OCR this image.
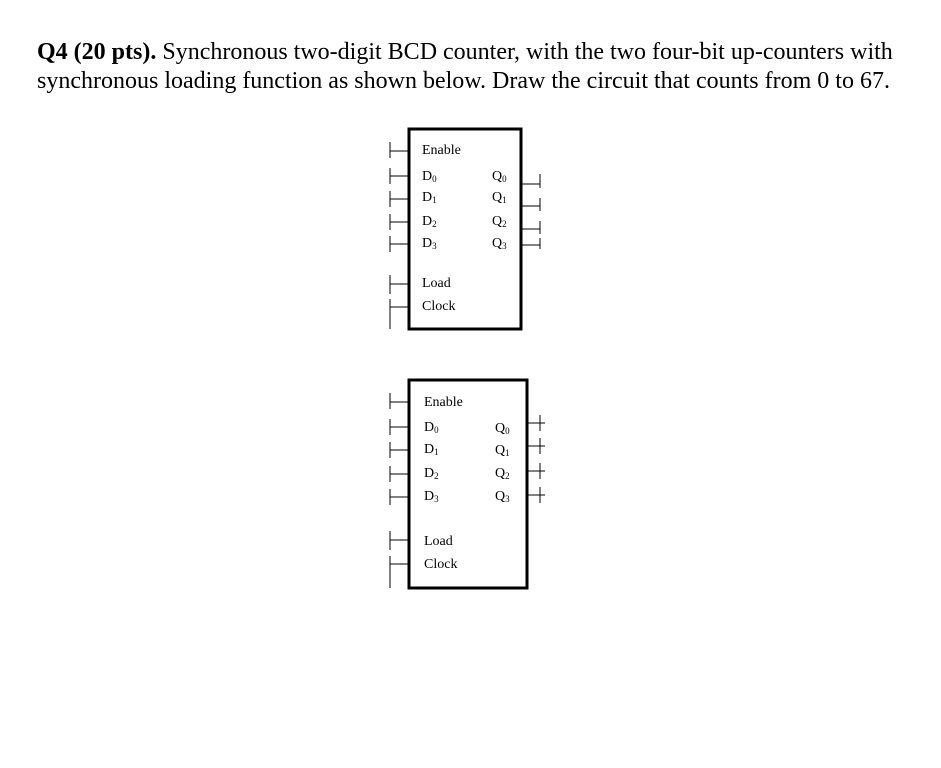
Q4 (20 pts). Synchronous two-digit BCD counter, with the two four-bit up-counters with synchronous loading function as shown below. Draw the circuit that counts from 0 to 67.

Enable
$D_0$
$D_1$
$D_2$
$D_3$
$Q_0$
$Q_1$
$Q_2$
$Q_3$
Load
Clock
Enable
$D_0$
$D_1$
$D_2$
$D_3$
$Q_0$
$Q_1$
$Q_2$
$Q_3$
Load
Clock
